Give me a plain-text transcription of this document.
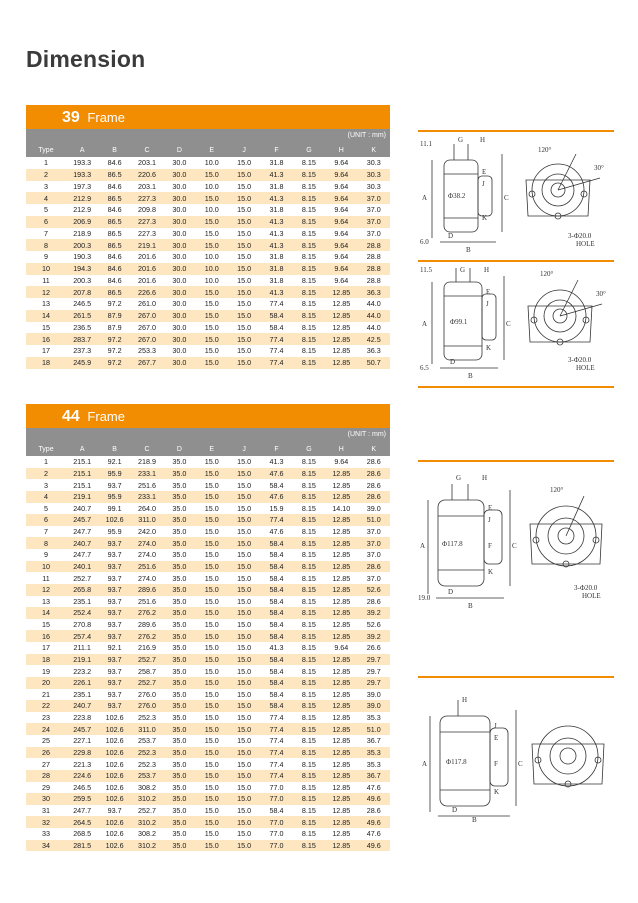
Dimension
39 Frame
(UNIT : mm)
Type	A	B	C	D	E	J	F	G	H	K
1	193.3	84.6	203.1	30.0	10.0	15.0	31.8	8.15	9.64	30.3
2	193.3	86.5	220.6	30.0	15.0	15.0	41.3	8.15	9.64	30.3
3	197.3	84.6	203.1	30.0	10.0	15.0	31.8	8.15	9.64	30.3
4	212.9	86.5	227.3	30.0	15.0	15.0	41.3	8.15	9.64	37.0
5	212.9	84.6	209.8	30.0	10.0	15.0	31.8	8.15	9.64	37.0
6	206.9	86.5	227.3	30.0	15.0	15.0	41.3	8.15	9.64	37.0
7	218.9	86.5	227.3	30.0	15.0	15.0	41.3	8.15	9.64	37.0
8	200.3	86.5	219.1	30.0	15.0	15.0	41.3	8.15	9.64	28.8
9	190.3	84.6	201.6	30.0	10.0	15.0	31.8	8.15	9.64	28.8
10	194.3	84.6	201.6	30.0	10.0	15.0	31.8	8.15	9.64	28.8
11	200.3	84.6	201.6	30.0	10.0	15.0	31.8	8.15	9.64	28.8
12	207.8	86.5	226.6	30.0	15.0	15.0	41.3	8.15	12.85	36.3
13	246.5	97.2	261.0	30.0	15.0	15.0	77.4	8.15	12.85	44.0
14	261.5	87.9	267.0	30.0	15.0	15.0	58.4	8.15	12.85	44.0
15	236.5	87.9	267.0	30.0	15.0	15.0	58.4	8.15	12.85	44.0
16	283.7	97.2	267.0	30.0	15.0	15.0	77.4	8.15	12.85	42.5
17	237.3	97.2	253.3	30.0	15.0	15.0	77.4	8.15	12.85	36.3
18	245.9	97.2	267.7	30.0	15.0	15.0	77.4	8.15	12.85	50.7
44 Frame
(UNIT : mm)
Type	A	B	C	D	E	J	F	G	H	K
1	215.1	92.1	218.9	35.0	15.0	15.0	41.3	8.15	9.64	28.6
2	215.1	95.9	233.1	35.0	15.0	15.0	47.6	8.15	12.85	28.6
3	215.1	93.7	251.6	35.0	15.0	15.0	58.4	8.15	12.85	28.6
4	219.1	95.9	233.1	35.0	15.0	15.0	47.6	8.15	12.85	28.6
5	240.7	99.1	264.0	35.0	15.0	15.0	15.9	8.15	14.10	39.0
6	245.7	102.6	311.0	35.0	15.0	15.0	77.4	8.15	12.85	51.0
7	247.7	95.9	242.0	35.0	15.0	15.0	47.6	8.15	12.85	37.0
8	240.7	93.7	274.0	35.0	15.0	15.0	58.4	8.15	12.85	37.0
9	247.7	93.7	274.0	35.0	15.0	15.0	58.4	8.15	12.85	37.0
10	240.1	93.7	251.6	35.0	15.0	15.0	58.4	8.15	12.85	28.6
11	252.7	93.7	274.0	35.0	15.0	15.0	58.4	8.15	12.85	37.0
12	265.8	93.7	289.6	35.0	15.0	15.0	58.4	8.15	12.85	52.6
13	235.1	93.7	251.6	35.0	15.0	15.0	58.4	8.15	12.85	28.6
14	252.4	93.7	276.2	35.0	15.0	15.0	58.4	8.15	12.85	39.2
15	270.8	93.7	289.6	35.0	15.0	15.0	58.4	8.15	12.85	52.6
16	257.4	93.7	276.2	35.0	15.0	15.0	58.4	8.15	12.85	39.2
17	211.1	92.1	216.9	35.0	15.0	15.0	41.3	8.15	9.64	26.6
18	219.1	93.7	252.7	35.0	15.0	15.0	58.4	8.15	12.85	29.7
19	223.2	93.7	258.7	35.0	15.0	15.0	58.4	8.15	12.85	29.7
20	226.1	93.7	252.7	35.0	15.0	15.0	58.4	8.15	12.85	29.7
21	235.1	93.7	276.0	35.0	15.0	15.0	58.4	8.15	12.85	39.0
22	240.7	93.7	276.0	35.0	15.0	15.0	58.4	8.15	12.85	39.0
23	223.8	102.6	252.3	35.0	15.0	15.0	77.4	8.15	12.85	35.3
24	245.7	102.6	311.0	35.0	15.0	15.0	77.4	8.15	12.85	51.0
25	227.1	102.6	253.7	35.0	15.0	15.0	77.4	8.15	12.85	36.7
26	229.8	102.6	252.3	35.0	15.0	15.0	77.4	8.15	12.85	35.3
27	221.3	102.6	252.3	35.0	15.0	15.0	77.4	8.15	12.85	35.3
28	224.6	102.6	253.7	35.0	15.0	15.0	77.4	8.15	12.85	36.7
29	246.5	102.6	308.2	35.0	15.0	15.0	77.0	8.15	12.85	47.6
30	259.5	102.6	310.2	35.0	15.0	15.0	77.0	8.15	12.85	49.6
31	247.7	93.7	252.7	35.0	15.0	15.0	58.4	8.15	12.85	28.6
32	264.5	102.6	310.2	35.0	15.0	15.0	77.0	8.15	12.85	49.6
33	268.5	102.6	308.2	35.0	15.0	15.0	77.0	8.15	12.85	47.6
34	281.5	102.6	310.2	35.0	15.0	15.0	77.0	8.15	12.85	49.6
11.1	G H
120°
A
E
J
C
K
D
B
Φ38.2
3-Φ20.0
HOLE
30°
6.0
11.5	G	H	120°
A
E
J
C
K
D
B
Φ99.1
3-Φ20.0
HOLE
30°
6.5
G	H
120°
A
E
J
F	C
K
D
B
Φ117.8
3-Φ20.0
HOLE
19.0
H
J
A
E
F
K
C
D
Φ117.8
B
